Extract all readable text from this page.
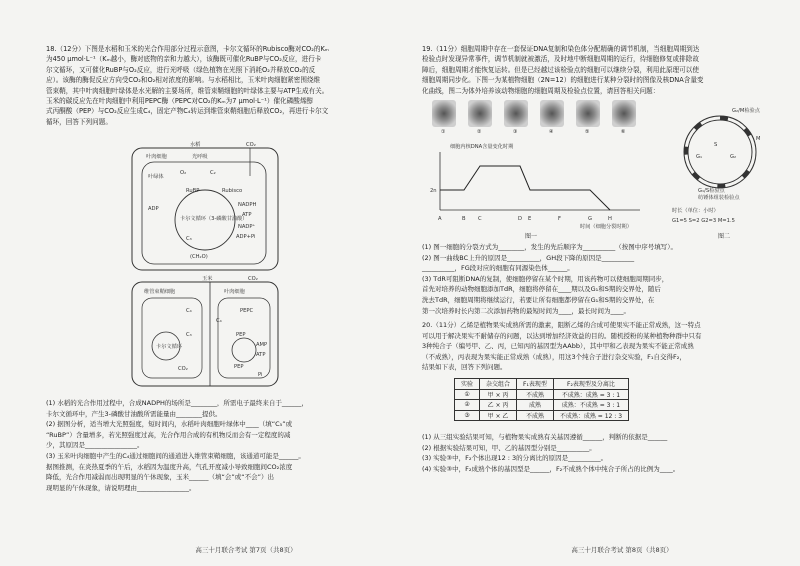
18.（12分）下图是水稻和玉米的光合作用部分过程示意图，卡尔文循环的Rubisco酶对CO₂的Kₘ

为450 μmol·L⁻¹（Kₘ越小，酶对底物的亲和力越大），该酶既可催化RuBP与CO₂反应，进行卡

尔文循环，又可催化RuBP与O₂反应，进行光呼吸（绿色植物在光照下消耗O₂并释放CO₂的反

应）。该酶的酶促反应方向受CO₂和O₂相对浓度的影响。与水稻相比，玉米叶肉细胞紧密围绕维

管束鞘，其中叶肉细胞叶绿体是水光解的主要场所，维管束鞘细胞的叶绿体主要与ATP生成有关。

玉米的碳反应先在叶肉细胞中利用PEPC酶（PEPC对CO₂的Kₘ为7 μmol·L⁻¹）催化磷酸烯醇

式丙酮酸（PEP）与CO₂反应生成C₄，固定产物C₄转运到维管束鞘细胞后释放CO₂，再进行卡尔文

循环，回答下列问题。

水稻	CO₂
叶肉细胞	光呼吸
叶绿体
O₂	C₂
RuBP	Rubisco
卡尔文循环（3-磷酸甘油酸）
ADP
ATP
NADPH
NADP⁺
C₃
(CH₂O)
ADP+Pi
玉米	CO₂
维管束鞘细胞	叶肉细胞
卡尔文循环
C₄
C₄
PEP
PEPC
C₃
AMP
ATP
PEP
CO₂
Pi

(1) 水稻的光合作用过程中，合成NADPH的场所是________，所需电子最终来自于______，

卡尔文循环中，产生3-磷酸甘油酸所需能量由________提供。

(2) 据图分析，适当增大光照强度，短时间内，水稻叶肉细胞叶绿体中____（填“C₅”或

“RuBP”）含量增多，若光照强度过高，光合作用合成的有机物反而会有一定程度的减

少，其原因是________________。

(3) 玉米叶肉细胞中产生的C₄通过细胞间的通道进入维管束鞘细胞，该通道可能是______。

据图推测，在炎热夏季的午后，水稻因为温度升高，气孔开度减小导致细胞间CO₂浓度

降低，光合作用减弱而出现明显的午休现象，玉米______（填“会”或“不会”）出

现明显的午休现象，请说明理由________________。

高三十月联合考试 第7页（共8页）

19.（11分）细胞周期中存在一套保证DNA复制和染色体分配精确的调节机制，当细胞周期到达

检验点时发现异常事件，调节机制就被激活，及时地中断细胞周期的运行，待细胞修复或排除故

障后，细胞周期才能恢复运转。但是已经越过该检验点的细胞可以继续分裂，利用此原理可以使

细胞周期同步化。下图一为某植物细胞（2N=12）的细胞进行某种分裂时的图像及核DNA含量变

化曲线，图二为体外培养该动物细胞的细胞周期及检验点位置，请回答相关问题：

①	②	③	④	⑤	⑥
细胞内核DNA含量变化时期
2n
A	B C	D E	F	G	H
时间（细胞分裂时期）
图一
G₂/M检验点
S
G₁	G₂
M
G₁/S检验点
纺锤体组装检验点
时长（单位：小时）
G1=5 S=2 G2=3 M=1.5
图二

(1) 图一细胞的分裂方式为________，发生的先后顺序为__________（按图中序号填写）。

(2) 图一曲线BC上升的原因是__________，GH段下降的原因是__________

__________，FG段对应的细胞有同源染色体______。

(3) TdR可阻断DNA的复制，使细胞停留在某个时期，用该药物可以使细胞周期同步，

首先对培养的动物细胞添加TdR，细胞将停留在____期以及G₁和S期的交界处，随后

洗去TdR，细胞周期将继续运行，若要让所有细胞都停留在G₁和S期的交界处，在

第一次培养时长内第二次添加药物的最短时间为____，最长时间为____。

20.（11分）乙烯是植物果实成熟所需的激素，阻断乙烯的合成可使果实不能正常成熟，这一特点

可以用于解决果实不耐储存的问题，以达到增加经济效益的目的。随机授粉的某种植物种群中只有

3种纯合子（编号甲、乙、丙，已知丙的基因型为AAbb），其中甲和乙表现为果实不能正常成熟

（不成熟），丙表现为果实能正常成熟（成熟），用这3个纯合子进行杂交实验，F₁自交得F₂，

结果如下表，回答下列问题。

实验	杂交组合	F₁表现型	F₂表现型及分离比
①	甲 × 丙	不成熟	不成熟：成熟 = 3 : 1
②	乙 × 丙	成熟	成熟：不成熟 = 3 : 1
③	甲 × 乙	不成熟	不成熟：成熟 = 12 : 3

(1) 从三组实验结果可知，与植物果实成熟有关基因遵循______，判断的依据是______

(2) 根据实验结果可知，甲、乙的基因型分别是__________。

(3) 实验③中，F₂个体出现12 : 3的分离比的原因是__________。

(4) 实验③中，F₂成熟个体的基因型是______，F₂不成熟个体中纯合子所占的比例为____。

高三十月联合考试 第8页（共8页）
